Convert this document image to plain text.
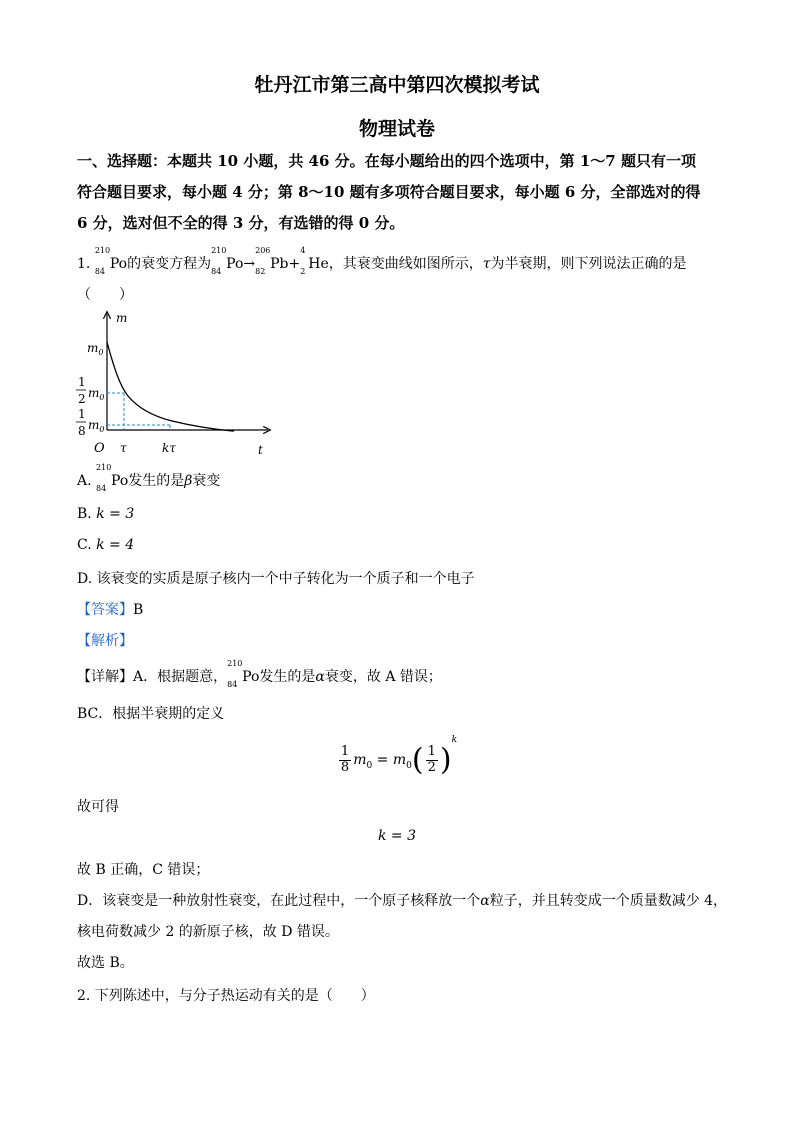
牡丹江市第三高中第四次模拟考试
物理试卷
一、选择题：本题共 10 小题，共 46 分。在每小题给出的四个选项中，第 1～7 题只有一项
符合题目要求，每小题 4 分；第 8～10 题有多项符合题目要求，每小题 6 分，全部选对的得
6 分，选对但不全的得 3 分，有选错的得 0 分。
1.
210
84 Po的衰变方程为
210
84 Po→
206
82 Pb+
4
2 He，其衰变曲线如图所示，τ为半衰期，则下列说法正确的是
（　　）
m
t
O
$m_0$
1
2 $m_0$
1
8 $m_0$
τ	kτ
A.
210
84 Po发生的是β衰变
B. k = 3
C. k = 4
D. 该衰变的实质是原子核内一个中子转化为一个质子和一个电子
【答案】B
【解析】
【详解】A．根据题意，
210
84 Po发生的是α衰变，故 A 错误；
BC．根据半衰期的定义
$\frac{1}{8} m_0 = m_0( \frac{1}{2} )^k$
故可得
k = 3
故 B 正确，C 错误；
D．该衰变是一种放射性衰变，在此过程中，一个原子核释放一个α粒子，并且转变成一个质量数减少 4，
核电荷数减少 2 的新原子核，故 D 错误。
故选 B。
2. 下列陈述中，与分子热运动有关的是（　　）
